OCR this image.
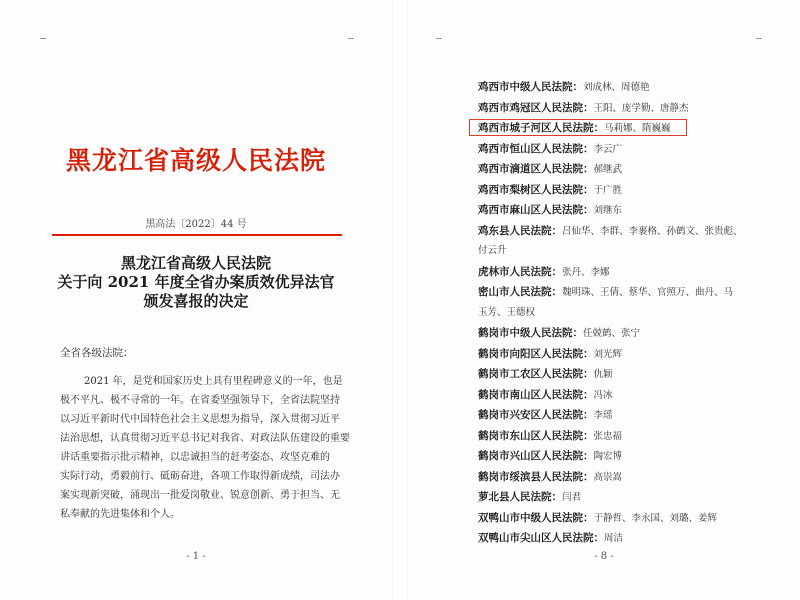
黑龙江省高级人民法院
黑高法〔2022〕44 号
黑龙江省高级人民法院
关于向 2021 年度全省办案质效优异法官
颁发喜报的决定
全省各级法院：
2021 年，是党和国家历史上具有里程碑意义的一年，也是
极不平凡、极不寻常的一年。在省委坚强领导下，全省法院坚持
以习近平新时代中国特色社会主义思想为指导，深入贯彻习近平
法治思想，认真贯彻习近平总书记对我省、对政法队伍建设的重要
讲话重要指示批示精神，以忠诚担当的赶考姿态、攻坚克难的
实际行动，勇毅前行、砥砺奋进，各项工作取得新成绩，司法办
案实现新突破，涌现出一批爱岗敬业、锐意创新、勇于担当、无
私奉献的先进集体和个人。
- 1 -
鸡西市中级人民法院：刘成林、周德艳
鸡西市鸡冠区人民法院：王阳、庞学勤、唐静杰
鸡西市城子河区人民法院：马莉娜、隋巍巍
鸡西市恒山区人民法院：李云广
鸡西市滴道区人民法院：郝继武
鸡西市梨树区人民法院：于广胜
鸡西市麻山区人民法院：刘继东
鸡东县人民法院：吕仙华、李群、李裹格、孙鹤文、张贵彪、
付云升
虎林市人民法院：张丹、李娜
密山市人民法院：魏明珠、王倩、蔡华、官照万、曲丹、马
玉芳、王德权
鹤岗市中级人民法院：任兢鹤、张宁
鹤岗市向阳区人民法院：刘光辉
鹤岗市工农区人民法院：仇颖
鹤岗市南山区人民法院：冯冰
鹤岗市兴安区人民法院：李瑶
鹤岗市东山区人民法院：张忠福
鹤岗市兴山区人民法院：陶宏博
鹤岗市绥滨县人民法院：高崇嵩
萝北县人民法院：闫君
双鸭山市中级人民法院：于静哲、李永国、刘璐、姜辉
双鸭山市尖山区人民法院：周洁
- 8 -
